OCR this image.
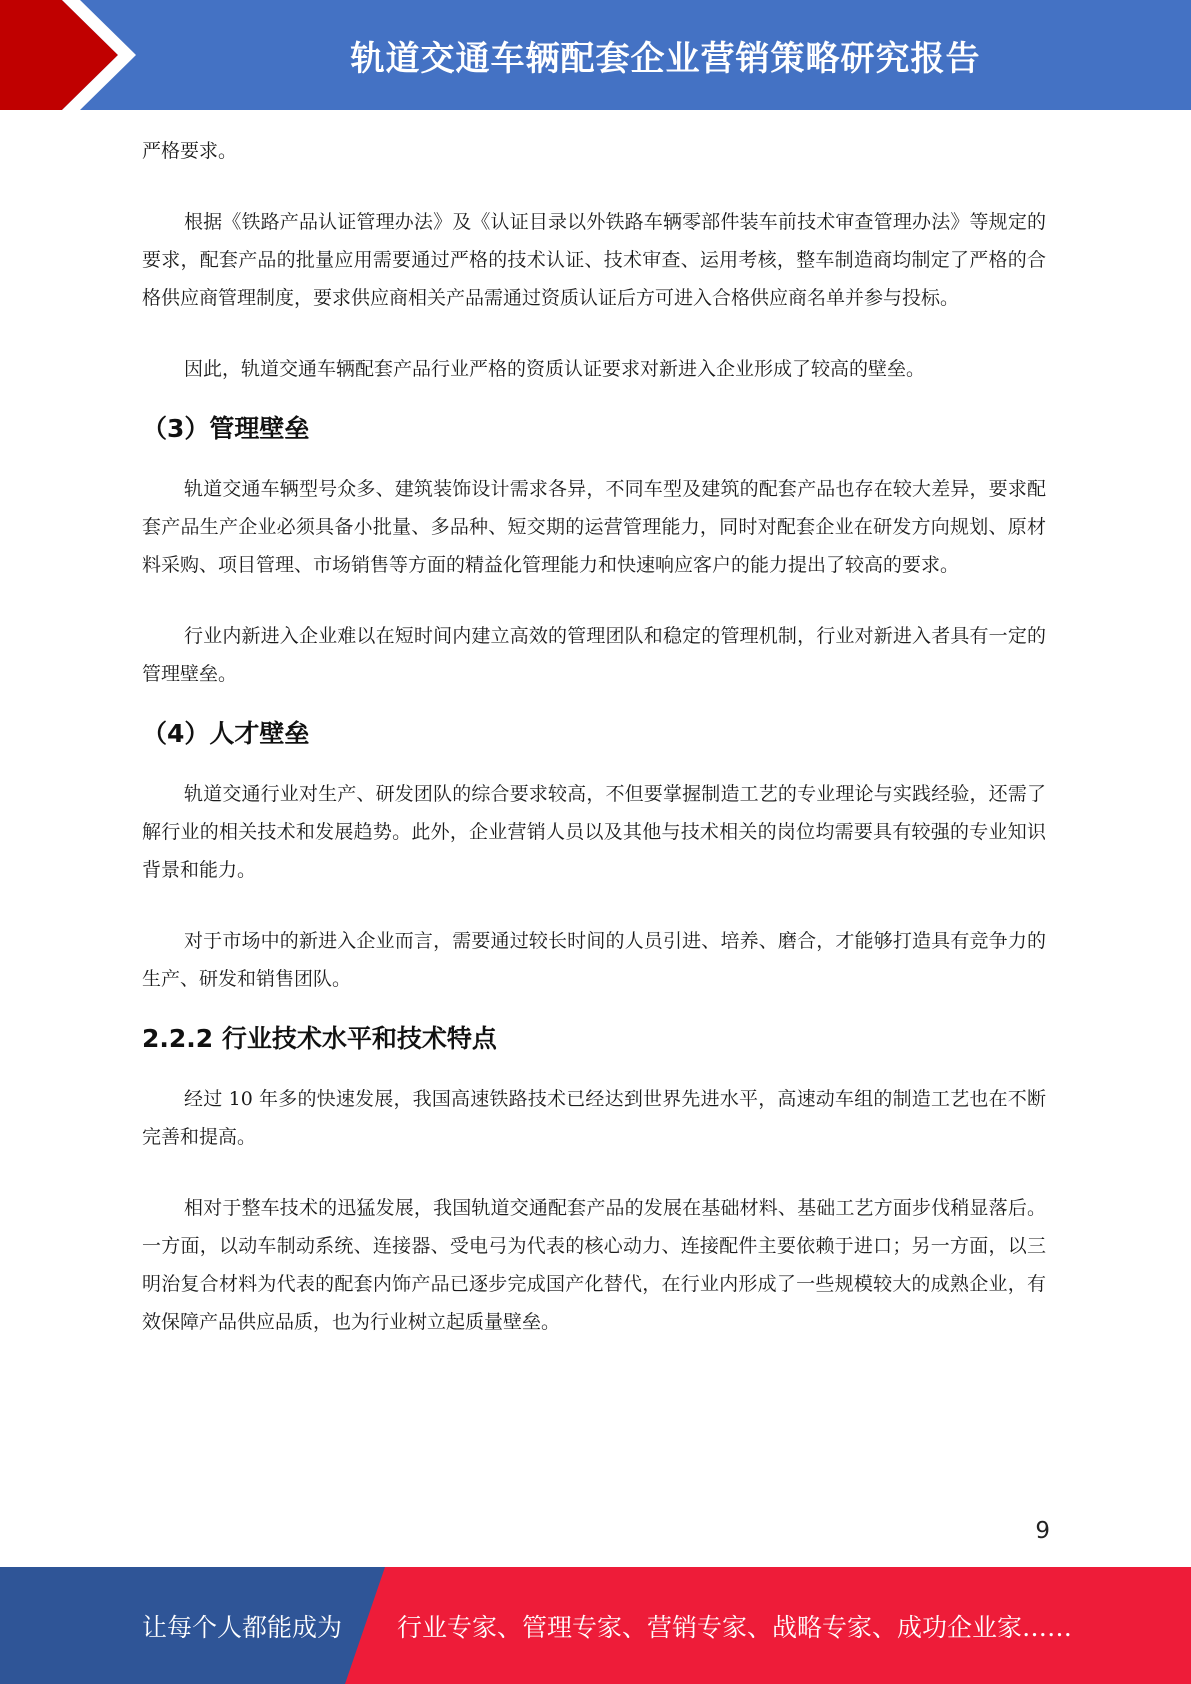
轨道交通车辆配套企业营销策略研究报告

严格要求。

根据《铁路产品认证管理办法》及《认证目录以外铁路车辆零部件装车前技术审查管理办法》等规定的要求，配套产品的批量应用需要通过严格的技术认证、技术审查、运用考核，整车制造商均制定了严格的合格供应商管理制度，要求供应商相关产品需通过资质认证后方可进入合格供应商名单并参与投标。

因此，轨道交通车辆配套产品行业严格的资质认证要求对新进入企业形成了较高的壁垒。

（3）管理壁垒

轨道交通车辆型号众多、建筑装饰设计需求各异，不同车型及建筑的配套产品也存在较大差异，要求配套产品生产企业必须具备小批量、多品种、短交期的运营管理能力，同时对配套企业在研发方向规划、原材料采购、项目管理、市场销售等方面的精益化管理能力和快速响应客户的能力提出了较高的要求。

行业内新进入企业难以在短时间内建立高效的管理团队和稳定的管理机制，行业对新进入者具有一定的管理壁垒。

（4）人才壁垒

轨道交通行业对生产、研发团队的综合要求较高，不但要掌握制造工艺的专业理论与实践经验，还需了解行业的相关技术和发展趋势。此外，企业营销人员以及其他与技术相关的岗位均需要具有较强的专业知识背景和能力。

对于市场中的新进入企业而言，需要通过较长时间的人员引进、培养、磨合，才能够打造具有竞争力的生产、研发和销售团队。

2.2.2 行业技术水平和技术特点

经过 10 年多的快速发展，我国高速铁路技术已经达到世界先进水平，高速动车组的制造工艺也在不断完善和提高。

相对于整车技术的迅猛发展，我国轨道交通配套产品的发展在基础材料、基础工艺方面步伐稍显落后。一方面，以动车制动系统、连接器、受电弓为代表的核心动力、连接配件主要依赖于进口；另一方面，以三明治复合材料为代表的配套内饰产品已逐步完成国产化替代，在行业内形成了一些规模较大的成熟企业，有效保障产品供应品质，也为行业树立起质量壁垒。

9
让每个人都能成为 行业专家、管理专家、营销专家、战略专家、成功企业家……
